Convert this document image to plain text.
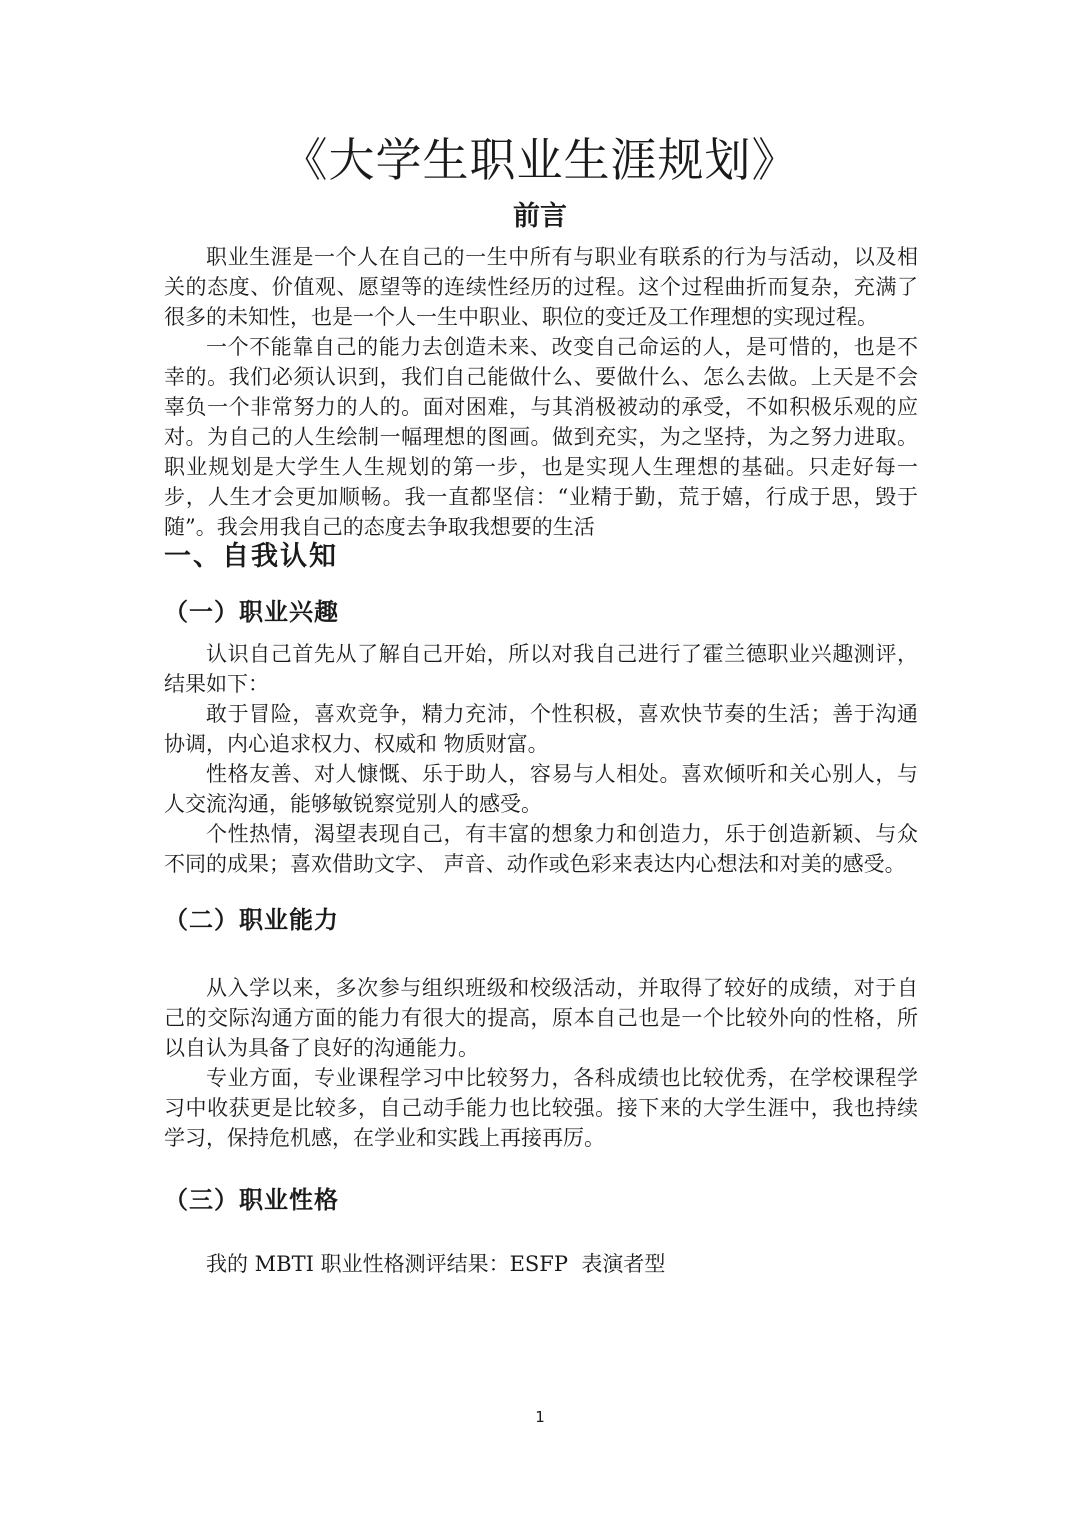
《大学生职业生涯规划》
前言

职业生涯是一个人在自己的一生中所有与职业有联系的行为与活动，以及相关的态度、价值观、愿望等的连续性经历的过程。这个过程曲折而复杂，充满了很多的未知性，也是一个人一生中职业、职位的变迁及工作理想的实现过程。

一个不能靠自己的能力去创造未来、改变自己命运的人，是可惜的，也是不幸的。我们必须认识到，我们自己能做什么、要做什么、怎么去做。上天是不会辜负一个非常努力的人的。面对困难，与其消极被动的承受，不如积极乐观的应对。为自己的人生绘制一幅理想的图画。做到充实，为之坚持，为之努力进取。职业规划是大学生人生规划的第一步，也是实现人生理想的基础。只走好每一步，人生才会更加顺畅。我一直都坚信：“业精于勤，荒于嬉，行成于思，毁于随”。我会用我自己的态度去争取我想要的生活

一、自我认知
（一）职业兴趣

认识自己首先从了解自己开始，所以对我自己进行了霍兰德职业兴趣测评，结果如下：

敢于冒险，喜欢竞争，精力充沛，个性积极，喜欢快节奏的生活；善于沟通协调，内心追求权力、权威和 物质财富。

性格友善、对人慷慨、乐于助人，容易与人相处。喜欢倾听和关心别人，与人交流沟通，能够敏锐察觉别人的感受。

个性热情，渴望表现自己，有丰富的想象力和创造力，乐于创造新颖、与众不同的成果；喜欢借助文字、 声音、动作或色彩来表达内心想法和对美的感受。

（二）职业能力

从入学以来，多次参与组织班级和校级活动，并取得了较好的成绩，对于自己的交际沟通方面的能力有很大的提高，原本自己也是一个比较外向的性格，所以自认为具备了良好的沟通能力。

专业方面，专业课程学习中比较努力，各科成绩也比较优秀，在学校课程学习中收获更是比较多，自己动手能力也比较强。接下来的大学生涯中，我也持续学习，保持危机感，在学业和实践上再接再厉。

（三）职业性格

我的 MBTI 职业性格测评结果：ESFP  表演者型

1
